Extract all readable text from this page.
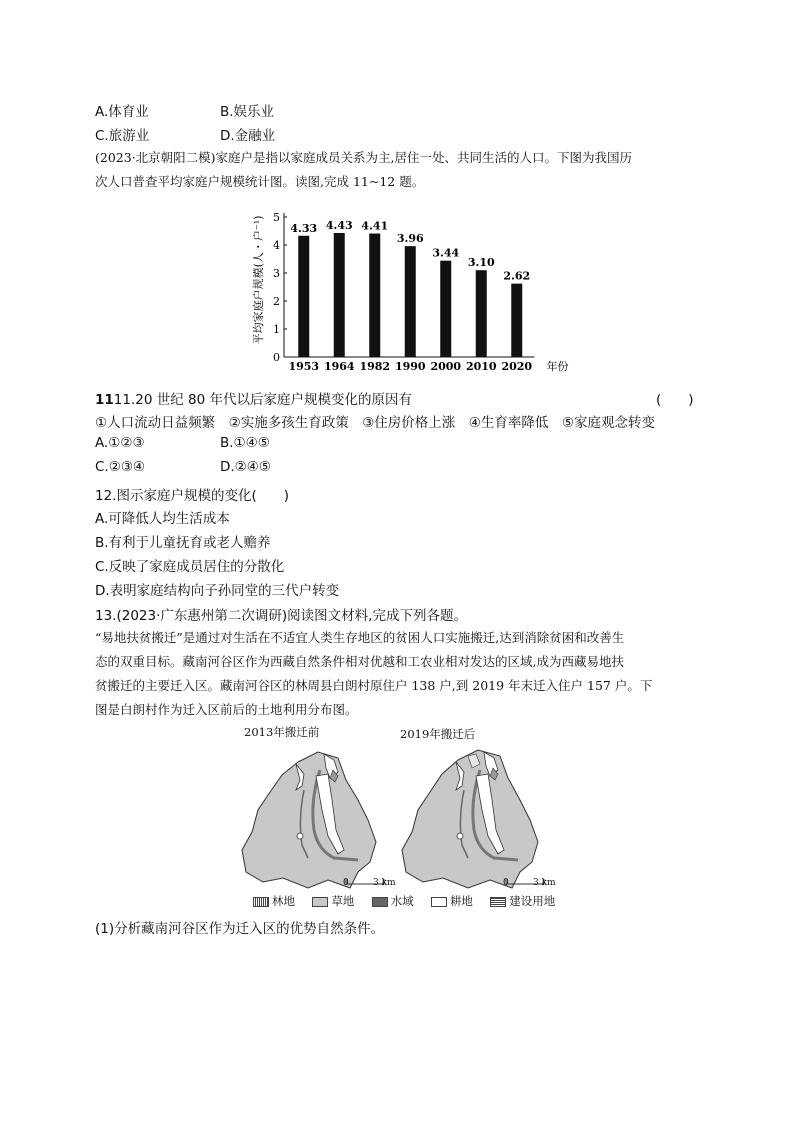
A.体育业	B.娱乐业
C.旅游业	D.金融业
(2023·北京朝阳二模)家庭户是指以家庭成员关系为主,居住一处、共同生活的人口。下图为我国历
次人口普查平均家庭户规模统计图。读图,完成 11~12 题。
0
1
2
3
4
5
4.33
1953
4.43
1964
4.41
1982
3.96
1990
3.44
2000
3.10
2010
2.62
2020 年份
平均家庭户规模(人・户⁻¹)
1111.20 世纪 80 年代以后家庭户规模变化的原因有	(　　)
①人口流动日益频繁　②实施多孩生育政策　③住房价格上涨　④生育率降低　⑤家庭观念转变
A.①②③	B.①④⑤
C.②③④	D.②④⑤
12.图示家庭户规模的变化(　　)
A.可降低人均生活成本
B.有利于儿童抚育或老人赡养
C.反映了家庭成员居住的分散化
D.表明家庭结构向子孙同堂的三代户转变
13.(2023·广东惠州第二次调研)阅读图文材料,完成下列各题。
“易地扶贫搬迁”是通过对生活在不适宜人类生存地区的贫困人口实施搬迁,达到消除贫困和改善生
态的双重目标。藏南河谷区作为西藏自然条件相对优越和工农业相对发达的区域,成为西藏易地扶
贫搬迁的主要迁入区。藏南河谷区的林周县白朗村原住户 138 户,到 2019 年末迁入住户 157 户。下
图是白朗村作为迁入区前后的土地利用分布图。
2013年搬迁前	2019年搬迁后
0	3 km	0	3 km
林地	草地	水域	耕地	建设用地
(1)分析藏南河谷区作为迁入区的优势自然条件。
